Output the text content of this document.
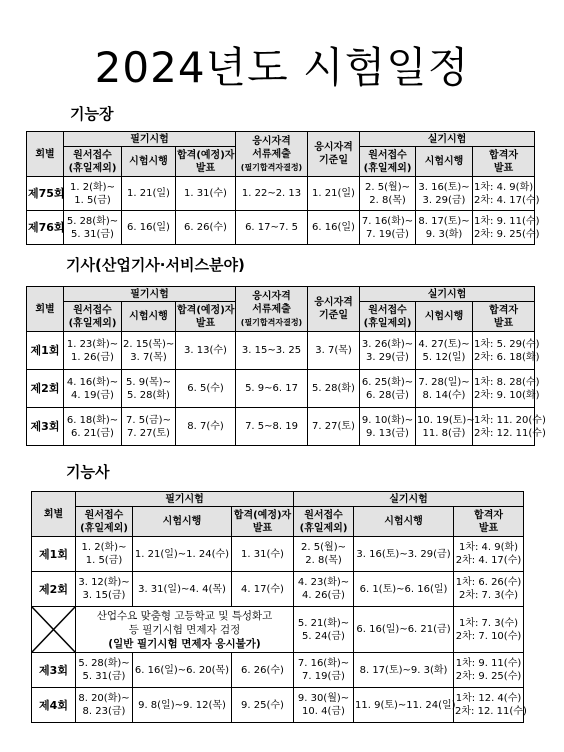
2024년도 시험일정
기능장
회별	필기시험			응시자격
서류제출
(필기합격자결정)	응시자격
기준일	실기시험		

	원서접수
(휴일제외)	시험시행	합격(예정)자
발표			원서접수
(휴일제외)	시험시행	합격자
발표

제75회	1. 2(화)~
1. 5(금)	1. 21(일)	1. 31(수)	1. 22~2. 13	1. 21(일)	2. 5(월)~
2. 8(목)	3. 16(토)~
3. 29(금)	1차: 4. 9(화)
2차: 4. 17(수)

제76회	5. 28(화)~
5. 31(금)	6. 16(일)	6. 26(수)	6. 17~7. 5	6. 16(일)	7. 16(화)~
7. 19(금)	8. 17(토)~
9. 3(화)	1차: 9. 11(수)
2차: 9. 25(수)
기사(산업기사·서비스분야)
회별	필기시험			응시자격
서류제출
(필기합격자결정)	응시자격
기준일	실기시험		

	원서접수
(휴일제외)	시험시행	합격(예정)자
발표			원서접수
(휴일제외)	시험시행	합격자
발표

제1회	1. 23(화)~
1. 26(금)	2. 15(목)~
3. 7(목)	3. 13(수)	3. 15~3. 25	3. 7(목)	3. 26(화)~
3. 29(금)	4. 27(토)~
5. 12(일)	1차: 5. 29(수)
2차: 6. 18(화)

제2회	4. 16(화)~
4. 19(금)	5. 9(목)~
5. 28(화)	6. 5(수)	5. 9~6. 17	5. 28(화)	6. 25(화)~
6. 28(금)	7. 28(일)~
8. 14(수)	1차: 8. 28(수)
2차: 9. 10(화)

제3회	6. 18(화)~
6. 21(금)	7. 5(금)~
7. 27(토)	8. 7(수)	7. 5~8. 19	7. 27(토)	9. 10(화)~
9. 13(금)	10. 19(토)~
11. 8(금)	1차: 11. 20(수)
2차: 12. 11(수)
기능사
회별	필기시험			실기시험		

	원서접수
(휴일제외)	시험시행	합격(예정)자
발표	원서접수
(휴일제외)	시험시행	합격자
발표

제1회	1. 2(화)~
1. 5(금)	1. 21(일)~1. 24(수)	1. 31(수)	2. 5(월)~
2. 8(목)	3. 16(토)~3. 29(금)	1차: 4. 9(화)
2차: 4. 17(수)

제2회	3. 12(화)~
3. 15(금)	3. 31(일)~4. 4(목)	4. 17(수)	4. 23(화)~
4. 26(금)	6. 1(토)~6. 16(일)	1차: 6. 26(수)
2차: 7. 3(수)

산업수요 맞춤형 고등학교 및 특성화고
등 필기시험 면제자 검정
(일반 필기시험 면제자 응시불가)			5. 21(화)~
5. 24(금)	6. 16(일)~6. 21(금)	1차: 7. 3(수)
2차: 7. 10(수)

제3회	5. 28(화)~
5. 31(금)	6. 16(일)~6. 20(목)	6. 26(수)	7. 16(화)~
7. 19(금)	8. 17(토)~9. 3(화)	1차: 9. 11(수)
2차: 9. 25(수)

제4회	8. 20(화)~
8. 23(금)	9. 8(일)~9. 12(목)	9. 25(수)	9. 30(월)~
10. 4(금)	11. 9(토)~11. 24(일)	1차: 12. 4(수)
2차: 12. 11(수)
